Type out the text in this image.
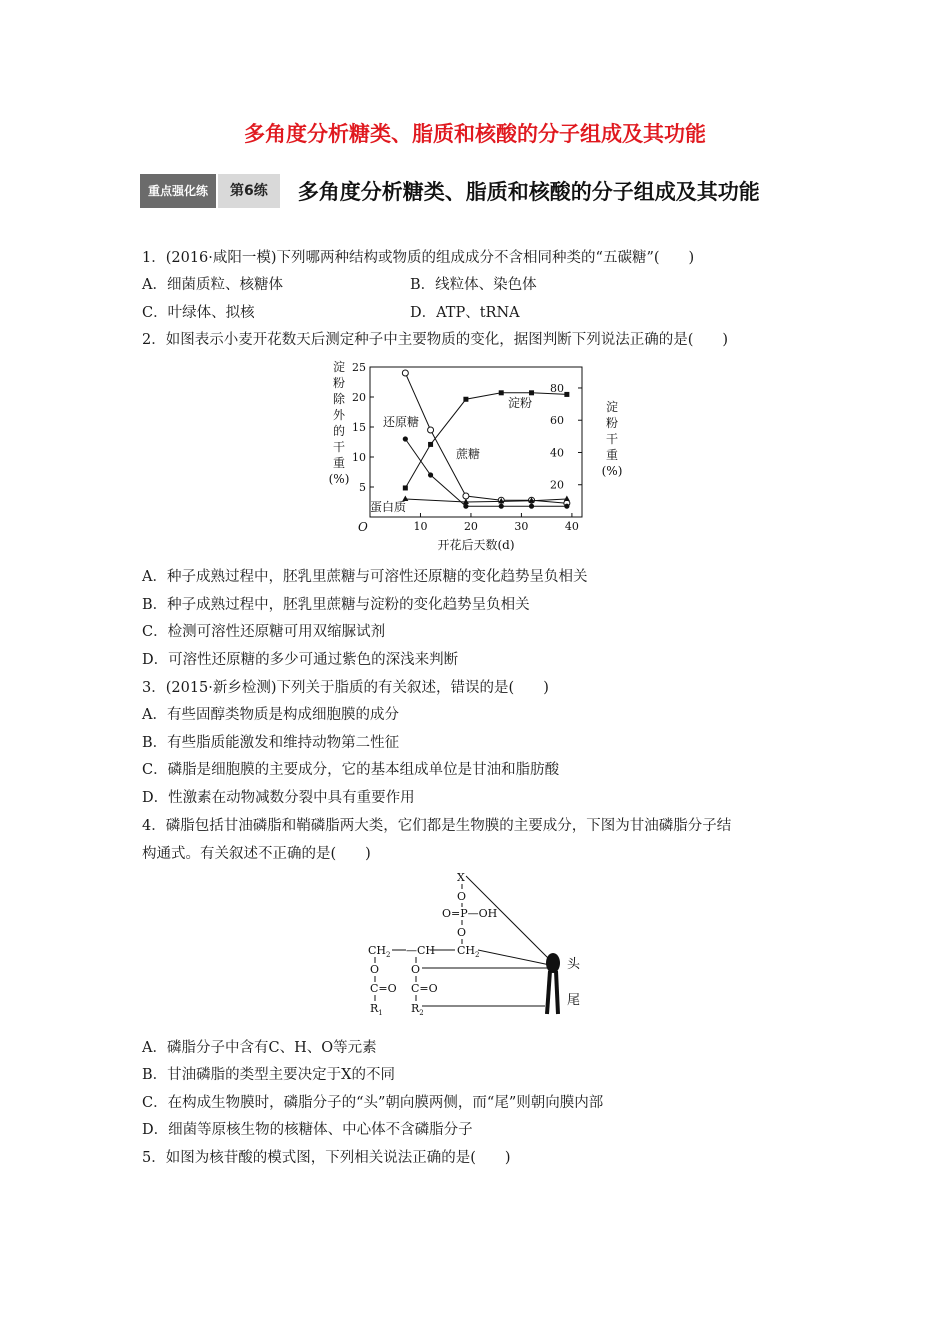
多角度分析糖类、脂质和核酸的分子组成及其功能
重点强化练	第6练	多角度分析糖类、脂质和核酸的分子组成及其功能
1．(2016·咸阳一模)下列哪两种结构或物质的组成成分不含相同种类的“五碳糖”(　　)
A．细菌质粒、核糖体	B．线粒体、染色体
C．叶绿体、拟核	D．ATP、tRNA
2．如图表示小麦开花数天后测定种子中主要物质的变化，据图判断下列说法正确的是(　　)
10	20	30	40
5
10
15
20
25
20
40
60
80
O
开花后天数(d)
淀
粉
除
外
的
干
重
(%)
淀
粉
干
重
(%)
蔗糖
淀粉
还原糖
蛋白质
A．种子成熟过程中，胚乳里蔗糖与可溶性还原糖的变化趋势呈负相关
B．种子成熟过程中，胚乳里蔗糖与淀粉的变化趋势呈负相关
C．检测可溶性还原糖可用双缩脲试剂
D．可溶性还原糖的多少可通过紫色的深浅来判断
3．(2015·新乡检测)下列关于脂质的有关叙述，错误的是(　　)
A．有些固醇类物质是构成细胞膜的成分
B．有些脂质能激发和维持动物第二性征
C．磷脂是细胞膜的主要成分，它的基本组成单位是甘油和脂肪酸
D．性激素在动物减数分裂中具有重要作用
4．磷脂包括甘油磷脂和鞘磷脂两大类，它们都是生物膜的主要成分，下图为甘油磷脂分子结
构通式。有关叙述不正确的是(　　)
X
O
O=P—OH
O
$CH_2$ —CH $CH_2$
O	O
C=O C=O
$R_1$	$R_2$
头
尾
A．磷脂分子中含有C、H、O等元素
B．甘油磷脂的类型主要决定于X的不同
C．在构成生物膜时，磷脂分子的“头”朝向膜两侧，而“尾”则朝向膜内部
D．细菌等原核生物的核糖体、中心体不含磷脂分子
5．如图为核苷酸的模式图，下列相关说法正确的是(　　)
